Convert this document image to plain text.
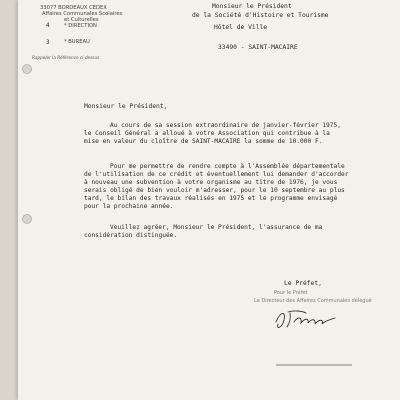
33077 BORDEAUX CEDEX
Affaires Communales Scolaires
et Culturelles
4	* DIRECTION
3	* BUREAU
Rappeler la Référence ci-dessus
Monsieur le Président
de la Société d'Histoire et Tourisme
Hôtel de Ville
33490 - SAINT-MACAIRE
Monsieur le Président,
Au cours de sa session extraordinaire de janvier-février 1975,
le Conseil Général a alloué à votre Association qui contribue à la
mise en valeur du cloître de SAINT-MACAIRE la somme de 10.000 F.
Pour me permettre de rendre compte à l'Assemblée départementale
de l'utilisation de ce crédit et éventuellement lui demander d'accorder
à nouveau une subvention à votre organisme au titre de 1976, je vous
serais obligé de bien vouloir m'adresser, pour le 10 septembre au plus
tard, le bilan des travaux réalisés en 1975 et le programme envisagé
pour la prochaine année.
Veuillez agréer, Monsieur le Président, l'assurance de ma
considération distinguée.
Le Préfet,
Pour le Préfet
Le Directeur des Affaires Communales délégué
